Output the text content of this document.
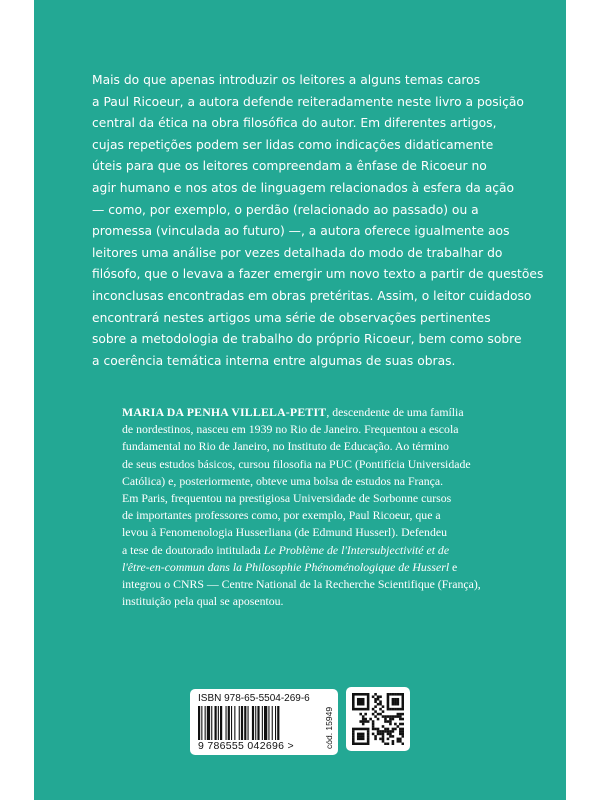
Mais do que apenas introduzir os leitores a alguns temas caros
a Paul Ricoeur, a autora defende reiteradamente neste livro a posição
central da ética na obra filosófica do autor. Em diferentes artigos,
cujas repetições podem ser lidas como indicações didaticamente
úteis para que os leitores compreendam a ênfase de Ricoeur no
agir humano e nos atos de linguagem relacionados à esfera da ação
— como, por exemplo, o perdão (relacionado ao passado) ou a
promessa (vinculada ao futuro) —, a autora oferece igualmente aos
leitores uma análise por vezes detalhada do modo de trabalhar do
filósofo, que o levava a fazer emergir um novo texto a partir de questões
inconclusas encontradas em obras pretéritas. Assim, o leitor cuidadoso
encontrará nestes artigos uma série de observações pertinentes
sobre a metodologia de trabalho do próprio Ricoeur, bem como sobre
a coerência temática interna entre algumas de suas obras.
MARIA DA PENHA VILLELA-PETIT, descendente de uma família
de nordestinos, nasceu em 1939 no Rio de Janeiro. Frequentou a escola
fundamental no Rio de Janeiro, no Instituto de Educação. Ao término
de seus estudos básicos, cursou filosofia na PUC (Pontifícia Universidade
Católica) e, posteriormente, obteve uma bolsa de estudos na França.
Em Paris, frequentou na prestigiosa Universidade de Sorbonne cursos
de importantes professores como, por exemplo, Paul Ricoeur, que a
levou à Fenomenologia Husserliana (de Edmund Husserl). Defendeu
a tese de doutorado intitulada Le Problème de l'Intersubjectivité et de
l'être-en-commun dans la Philosophie Phénoménologique de Husserl e
integrou o CNRS — Centre National de la Recherche Scientifique (França),
instituição pela qual se aposentou.
ISBN 978-65-5504-269-6
9 786555 042696 >	cód. 15949
